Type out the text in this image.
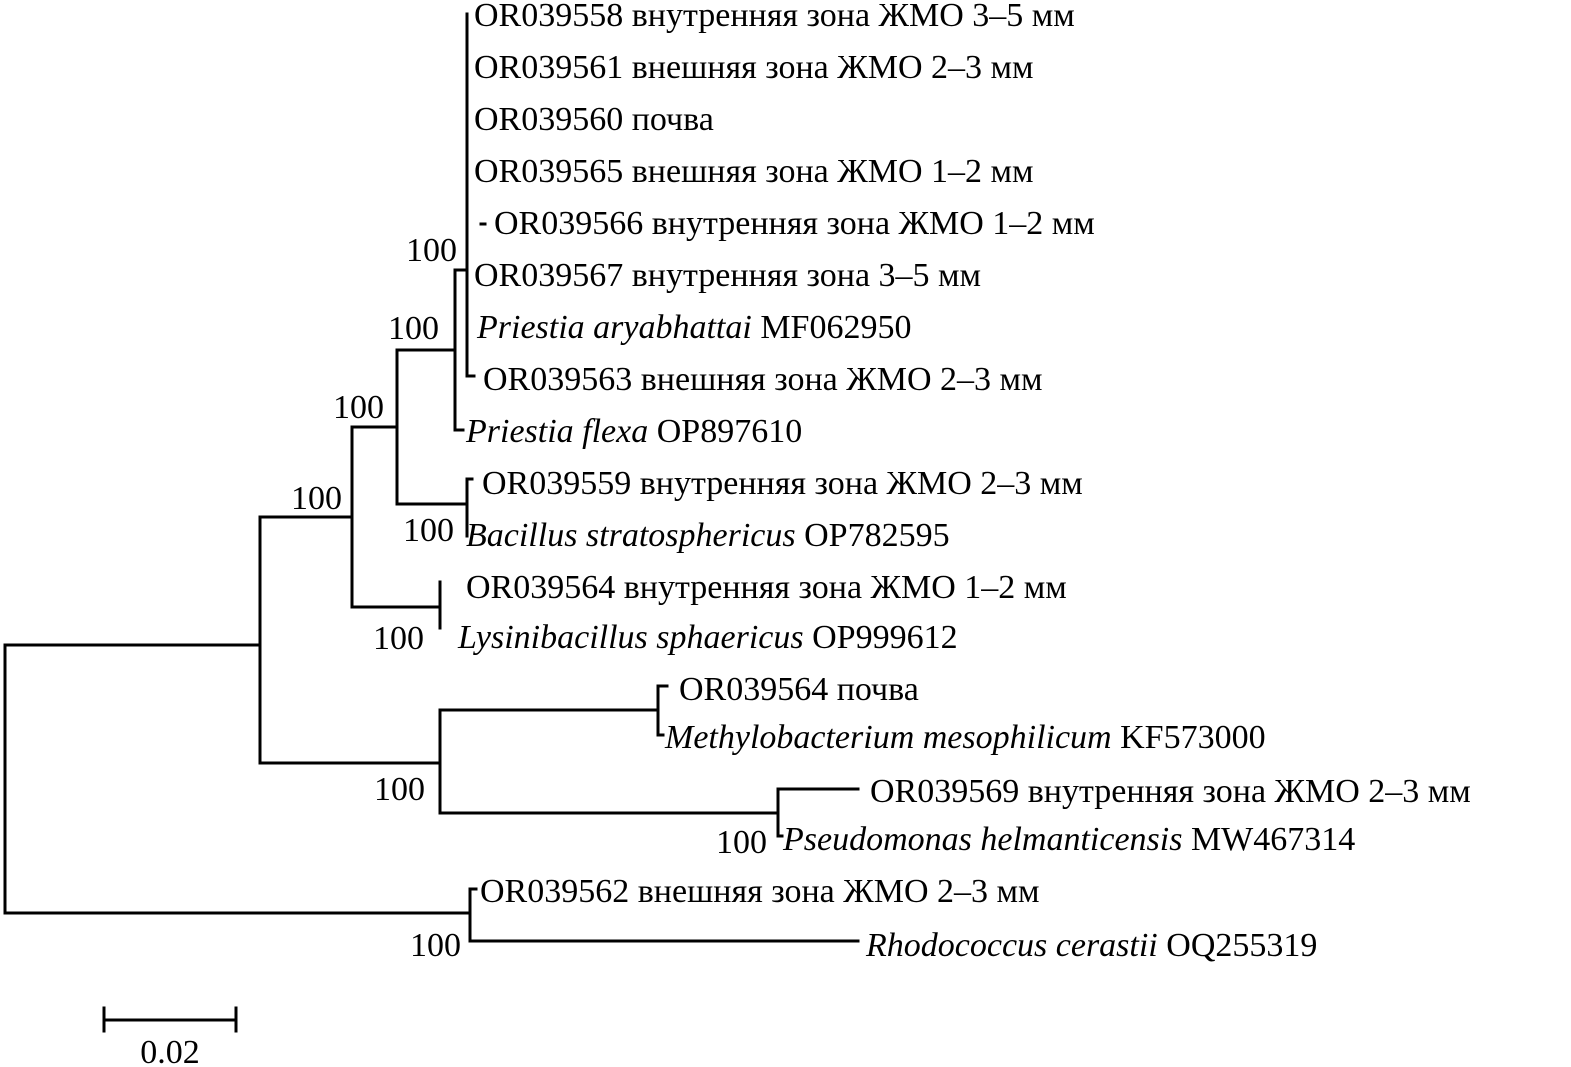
OR039558 внутренняя зона ЖМО 3–5 мм
OR039561 внешняя зона ЖМО 2–3 мм
OR039560 почва
OR039565 внешняя зона ЖМО 1–2 мм
OR039566 внутренняя зона ЖМО 1–2 мм
OR039567 внутренняя зона 3–5 мм
Priestia aryabhattai MF062950
OR039563 внешняя зона ЖМО 2–3 мм
Priestia flexa OP897610
OR039559 внутренняя зона ЖМО 2–3 мм
Bacillus stratosphericus OP782595
OR039564 внутренняя зона ЖМО 1–2 мм
Lysinibacillus sphaericus OP999612
OR039564 почва
Methylobacterium mesophilicum KF573000
OR039569 внутренняя зона ЖМО 2–3 мм
Pseudomonas helmanticensis MW467314
OR039562 внешняя зона ЖМО 2–3 мм
Rhodococcus cerastii OQ255319
100
100
100
100
100
100
100
100
100
0.02
